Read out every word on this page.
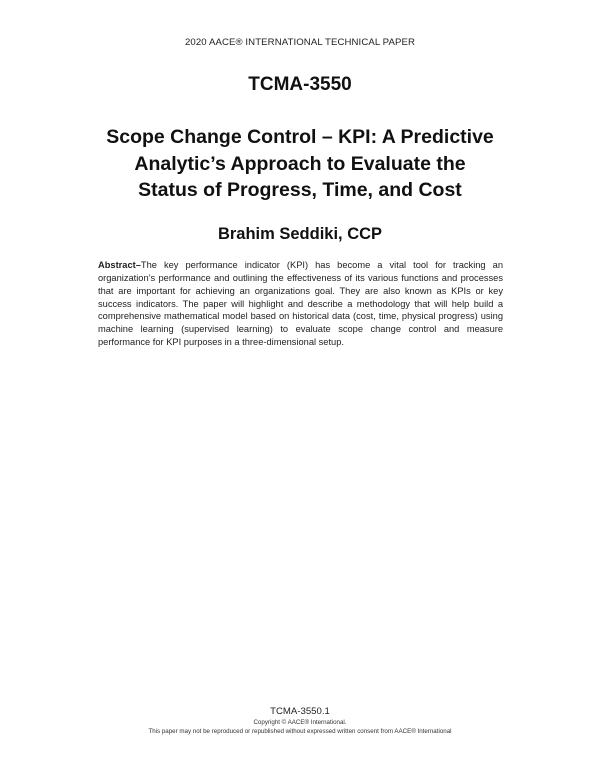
2020 AACE® INTERNATIONAL TECHNICAL PAPER
TCMA-3550
Scope Change Control – KPI: A Predictive
Analytic’s Approach to Evaluate the
Status of Progress, Time, and Cost
Brahim Seddiki, CCP

Abstract–The key performance indicator (KPI) has become a vital tool for tracking an organization’s performance and outlining the effectiveness of its various functions and processes that are important for achieving an organizations goal. They are also known as KPIs or key success indicators. The paper will highlight and describe a methodology that will help build a comprehensive mathematical model based on historical data (cost, time, physical progress) using machine learning (supervised learning) to evaluate scope change control and measure performance for KPI purposes in a three-dimensional setup.

TCMA-3550.1
Copyright © AACE® International.
This paper may not be reproduced or republished without expressed written consent from AACE® International
